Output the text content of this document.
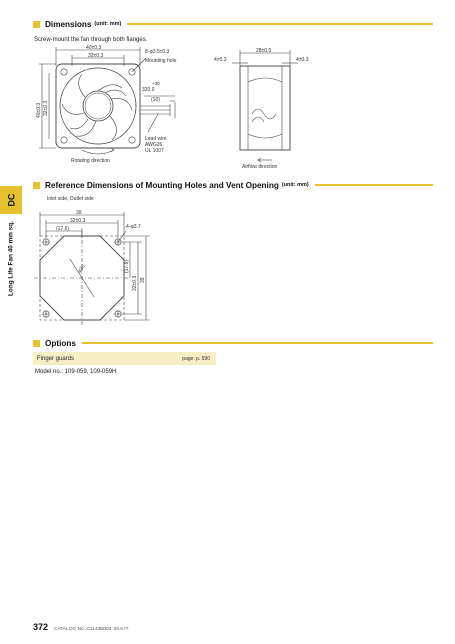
DC
Long Life Fan 40 mm sq.
Dimensions (unit: mm)
Screw-mount the fan through both flanges.
40±0.3
32±0.3
40±0.3 32±0.3
8-φ3.5±0.3
Mounting hole
+30
320 0
(10)
Lead wire
AWG26
UL 1007
Rotating direction
28±0.5
4±0.3	4±0.3
Airflow direction
Reference Dimensions of Mounting Holes and Vent Opening (unit: mm)
Inlet side, Outlet side
39
32±0.3
(17.6)	4-φ3.7
φ38	(17.6)
32±0.3 39
Options
Finger guards	page: p. 590
Model no.: 109-059, 109-059H
372 CATALOG No. C1143B003 '25.5 IT
